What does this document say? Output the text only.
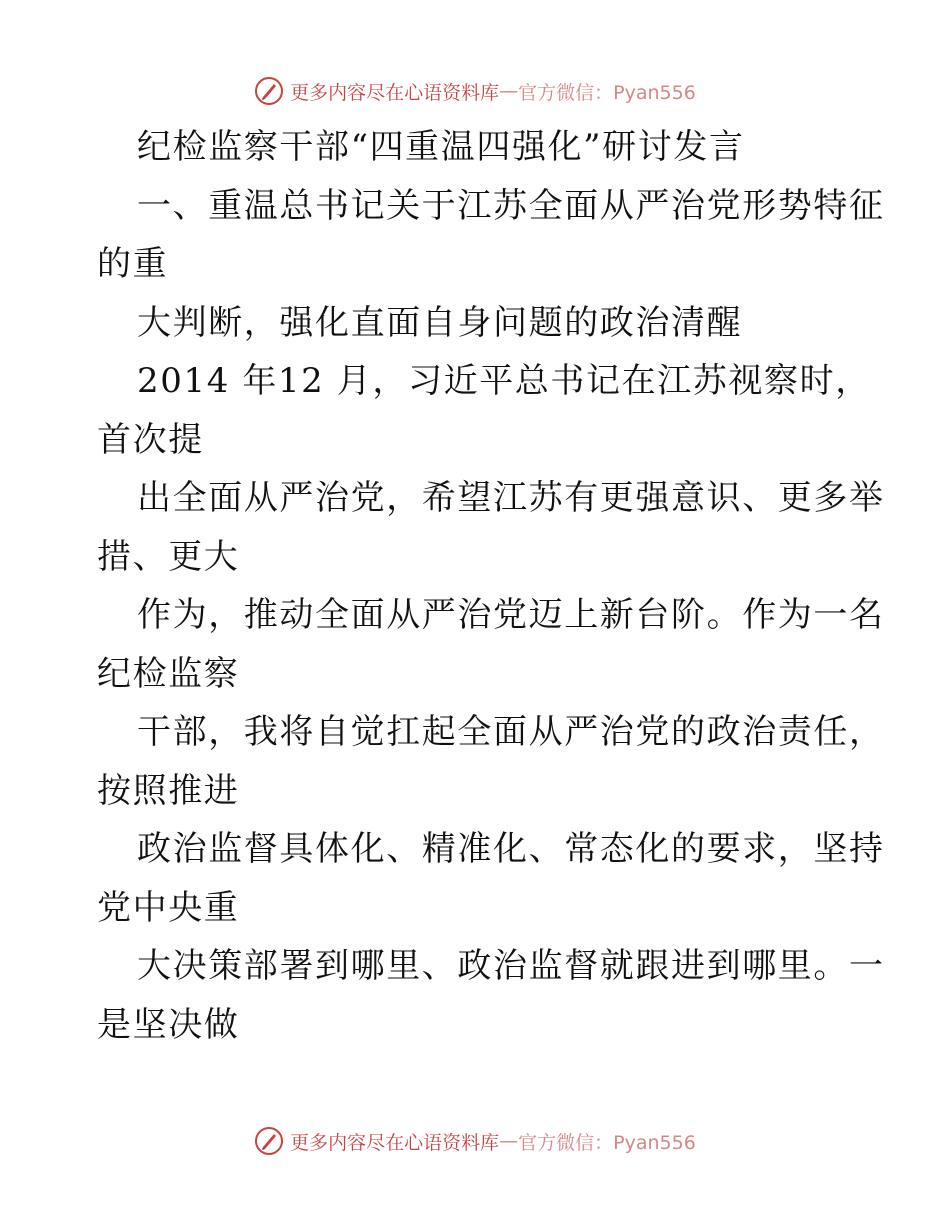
更多内容尽在心语资料库 — 官方微信：Pyan556
纪检监察干部“四重温四强化”研讨发言
一、重温总书记关于江苏全面从严治党形势特征
的重
大判断，强化直面自身问题的政治清醒
2014 年12 月，习近平总书记在江苏视察时，
首次提
出全面从严治党，希望江苏有更强意识、更多举
措、更大
作为，推动全面从严治党迈上新台阶。作为一名
纪检监察
干部，我将自觉扛起全面从严治党的政治责任，
按照推进
政治监督具体化、精准化、常态化的要求，坚持
党中央重
大决策部署到哪里、政治监督就跟进到哪里。一
是坚决做
更多内容尽在心语资料库 — 官方微信：Pyan556
